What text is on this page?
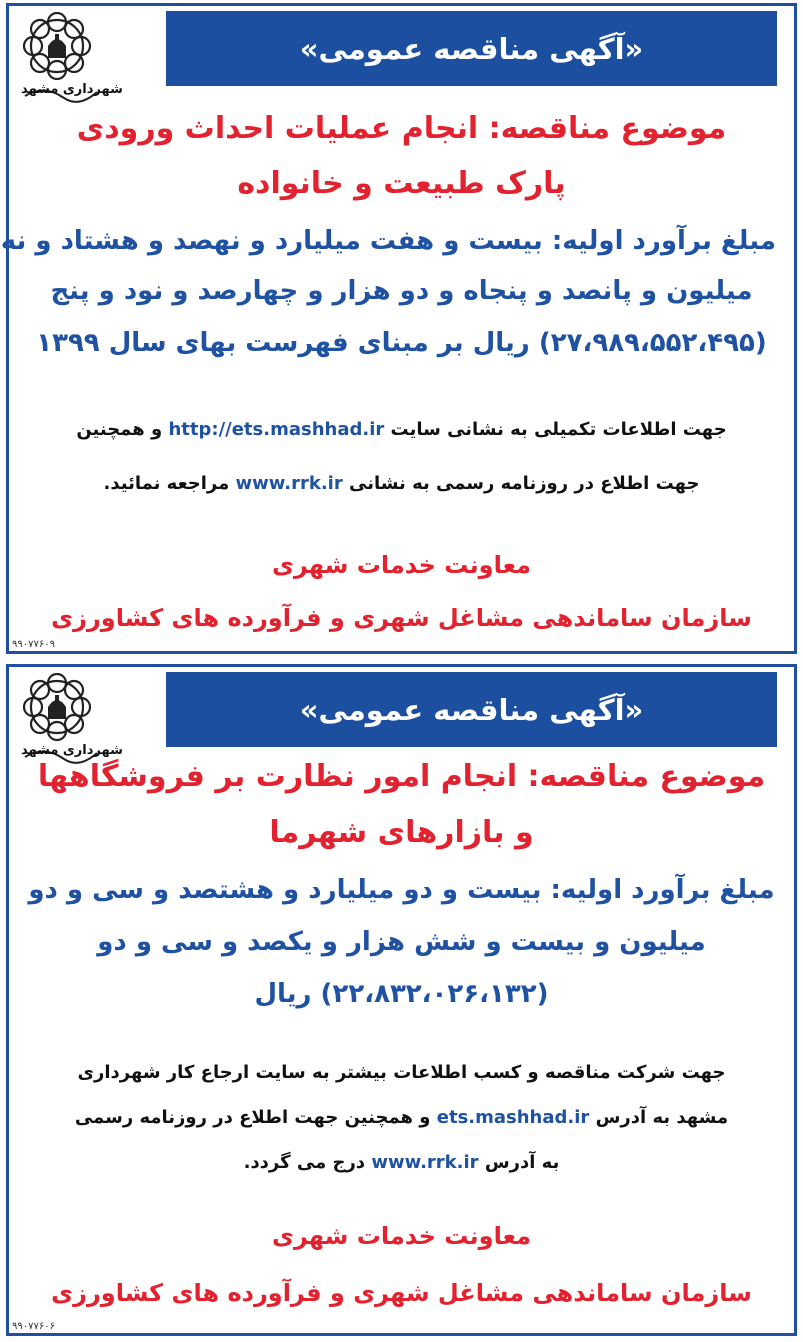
شهرداری مشهد
«آگهی مناقصه عمومی»

موضوع مناقصه: انجام عملیات احداث ورودی

پارک طبیعت و خانواده

مبلغ برآورد اولیه: بیست و هفت میلیارد و نهصد و هشتاد و نه

میلیون و پانصد و پنجاه و دو هزار و چهارصد و نود و پنج

(۲۷،۹۸۹،۵۵۲،۴۹۵) ریال بر مبنای فهرست بهای سال ۱۳۹۹

جهت اطلاعات تکمیلی به نشانی سایت http://ets.mashhad.ir و همچنین

جهت اطلاع در روزنامه رسمی به نشانی www.rrk.ir مراجعه نمائید.

معاونت خدمات شهری

سازمان ساماندهی مشاغل شهری و فرآورده های کشاورزی

۹۹۰۷۷۶۰۹
شهرداری مشهد
«آگهی مناقصه عمومی»

موضوع مناقصه: انجام امور نظارت بر فروشگاهها

و بازارهای شهرما

مبلغ برآورد اولیه: بیست و دو میلیارد و هشتصد و سی و دو

میلیون و بیست و شش هزار و یکصد و سی و دو

(۲۲،۸۳۲،۰۲۶،۱۳۲) ریال

جهت شرکت مناقصه و کسب اطلاعات بیشتر به سایت ارجاع کار شهرداری

مشهد به آدرس ets.mashhad.ir و همچنین جهت اطلاع در روزنامه رسمی

به آدرس www.rrk.ir درج می گردد.

معاونت خدمات شهری

سازمان ساماندهی مشاغل شهری و فرآورده های کشاورزی

۹۹۰۷۷۶۰۶
